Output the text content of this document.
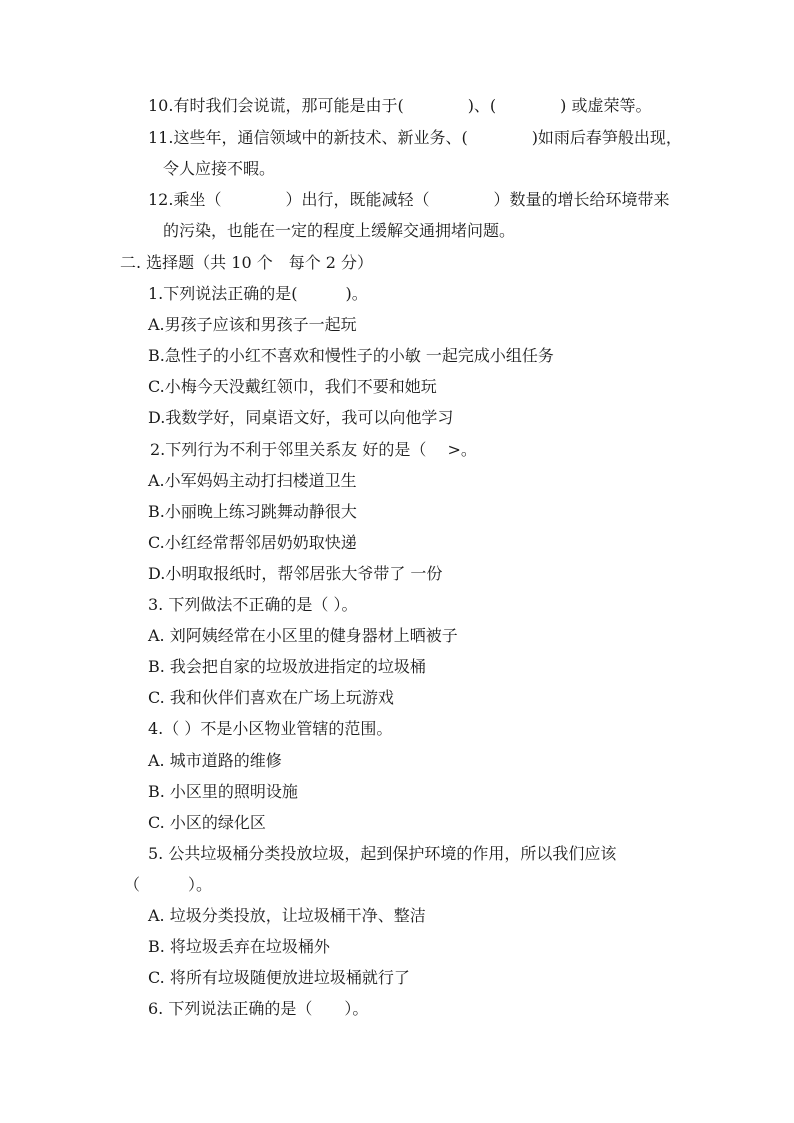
10.有时我们会说谎，那可能是由于(　　　　)、(　　　　) 或虚荣等。
11.这些年，通信领域中的新技术、新业务、(　　　　)如雨后春笋般出现，
令人应接不暇。
12.乘坐（　　　　）出行，既能减轻（　　　　）数量的增长给环境带来
的污染，也能在一定的程度上缓解交通拥堵问题。
二. 选择题（共 10 个　每个 2 分）
1.下列说法正确的是(　　　)。
A.男孩子应该和男孩子一起玩
B.急性子的小红不喜欢和慢性子的小敏 一起完成小组任务
C.小梅今天没戴红领巾，我们不要和她玩
D.我数学好，同桌语文好，我可以向他学习
2.下列行为不利于邻里关系友 好的是（　 >。
A.小军妈妈主动打扫楼道卫生
B.小丽晚上练习跳舞动静很大
C.小红经常帮邻居奶奶取快递
D.小明取报纸时，帮邻居张大爷带了 一份
3. 下列做法不正确的是（ ）。
A. 刘阿姨经常在小区里的健身器材上晒被子
B. 我会把自家的垃圾放进指定的垃圾桶
C. 我和伙伴们喜欢在广场上玩游戏
4.（ ）不是小区物业管辖的范围。
A. 城市道路的维修
B. 小区里的照明设施
C. 小区的绿化区
5. 公共垃圾桶分类投放垃圾，起到保护环境的作用，所以我们应该
（　　　）。
A. 垃圾分类投放，让垃圾桶干净、整洁
B. 将垃圾丢弃在垃圾桶外
C. 将所有垃圾随便放进垃圾桶就行了
6. 下列说法正确的是（　　）。
